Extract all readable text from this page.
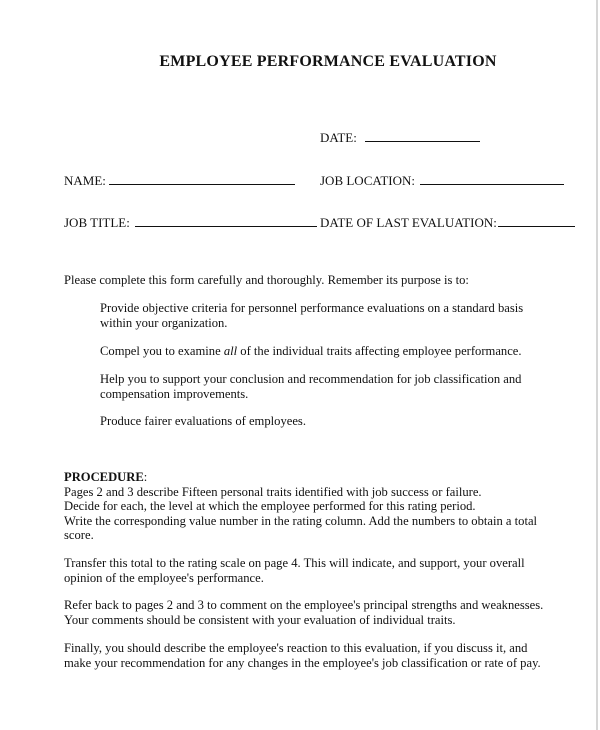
EMPLOYEE PERFORMANCE EVALUATION
DATE:
NAME:	JOB LOCATION:
JOB TITLE:	DATE OF LAST EVALUATION:
Please complete this form carefully and thoroughly. Remember its purpose is to:
Provide objective criteria for personnel performance evaluations on a standard basis
within your organization.
Compel you to examine all of the individual traits affecting employee performance.
Help you to support your conclusion and recommendation for job classification and
compensation improvements.
Produce fairer evaluations of employees.
PROCEDURE:
Pages 2 and 3 describe Fifteen personal traits identified with job success or failure.
Decide for each, the level at which the employee performed for this rating period.
Write the corresponding value number in the rating column. Add the numbers to obtain a total
score.
Transfer this total to the rating scale on page 4. This will indicate, and support, your overall
opinion of the employee's performance.
Refer back to pages 2 and 3 to comment on the employee's principal strengths and weaknesses.
Your comments should be consistent with your evaluation of individual traits.
Finally, you should describe the employee's reaction to this evaluation, if you discuss it, and
make your recommendation for any changes in the employee's job classification or rate of pay.
